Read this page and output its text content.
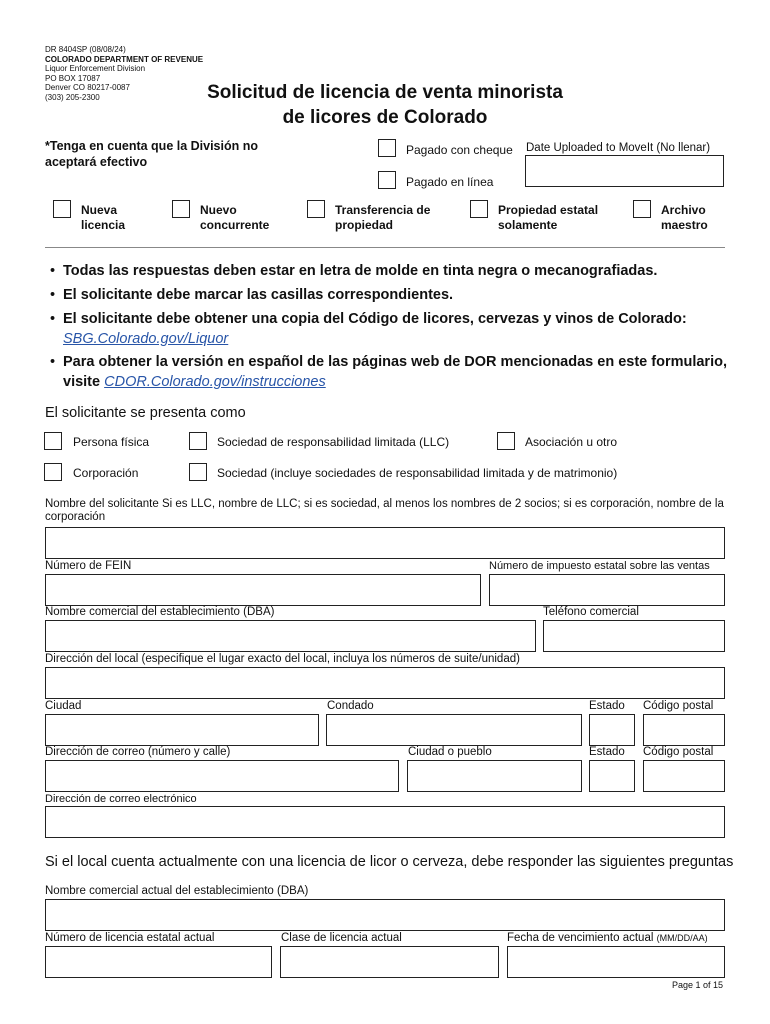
DR 8404SP (08/08/24)
COLORADO DEPARTMENT OF REVENUE
Liquor Enforcement Division
PO BOX 17087
Denver CO 80217-0087
(303) 205-2300	Solicitud de licencia de venta minorista
de licores de Colorado
*Tenga en cuenta que la División no aceptará efectivo
Pagado con cheque
Pagado en línea
Date Uploaded to MoveIt (No llenar)
Nueva
licencia
Nuevo
concurrente
Transferencia de
propiedad
Propiedad estatal
solamente
Archivo
maestro
• Todas las respuestas deben estar en letra de molde en tinta negra o mecanografiadas.
• El solicitante debe marcar las casillas correspondientes.
• El solicitante debe obtener una copia del Código de licores, cervezas y vinos de Colorado:
SBG.Colorado.gov/Liquor
• Para obtener la versión en español de las páginas web de DOR mencionadas en este formulario, visite CDOR.Colorado.gov/instrucciones
El solicitante se presenta como
Persona física	Sociedad de responsabilidad limitada (LLC)	Asociación u otro
Corporación	Sociedad (incluye sociedades de responsabilidad limitada y de matrimonio)
Nombre del solicitante Si es LLC, nombre de LLC; si es sociedad, al menos los nombres de 2 socios; si es corporación, nombre de la corporación
Número de FEIN	Número de impuesto estatal sobre las ventas
Nombre comercial del establecimiento (DBA)	Teléfono comercial
Dirección del local (especifique el lugar exacto del local, incluya los números de suite/unidad)
Ciudad	Condado	Estado Código postal
Dirección de correo (número y calle)	Ciudad o pueblo	Estado Código postal
Dirección de correo electrónico
Si el local cuenta actualmente con una licencia de licor o cerveza, debe responder las siguientes preguntas
Nombre comercial actual del establecimiento (DBA)
Número de licencia estatal actual	Clase de licencia actual	Fecha de vencimiento actual (MM/DD/AA)
Page 1 of 15
